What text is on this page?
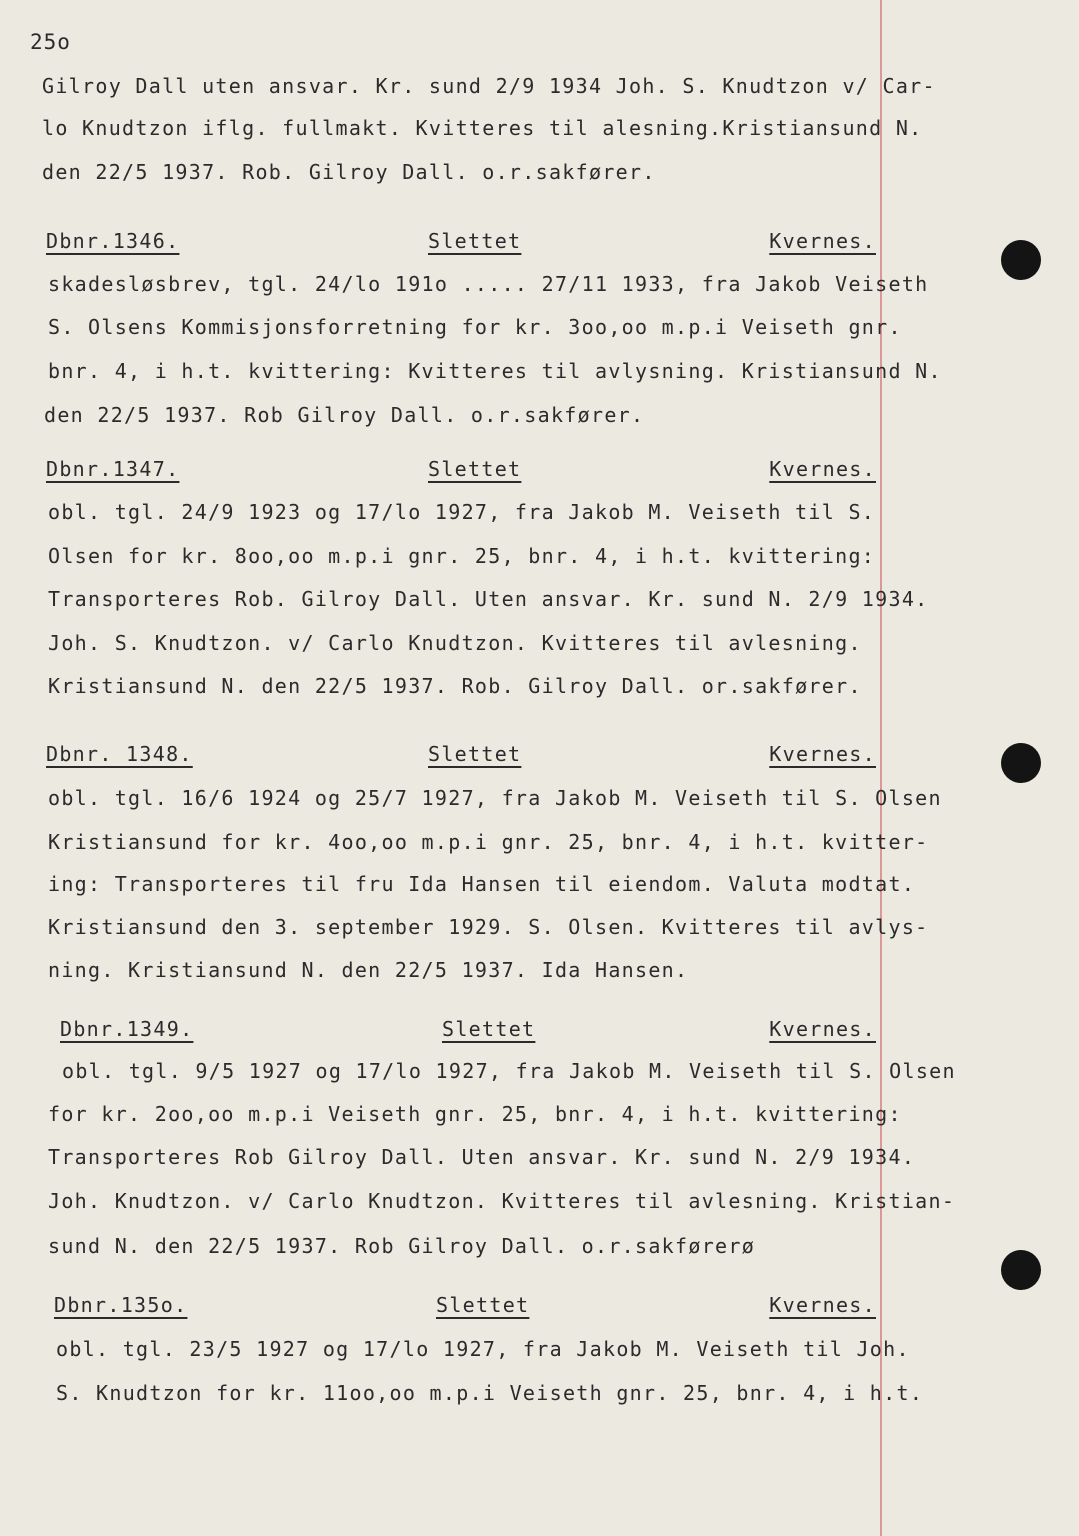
25o
Gilroy Dall uten ansvar. Kr. sund 2/9 1934 Joh. S. Knudtzon v/ Car-
lo Knudtzon iflg. fullmakt. Kvitteres til alesning.Kristiansund N.
den 22/5 1937. Rob. Gilroy Dall. o.r.sakfører.
Dbnr.1346.	Slettet	Kvernes.
skadesløsbrev, tgl. 24/lo 191o ..... 27/11 1933, fra Jakob Veiseth
S. Olsens Kommisjonsforretning for kr. 3oo,oo m.p.i Veiseth gnr.
bnr. 4, i h.t. kvittering: Kvitteres til avlysning. Kristiansund N.
den 22/5 1937. Rob Gilroy Dall. o.r.sakfører.
Dbnr.1347.	Slettet	Kvernes.
obl. tgl. 24/9 1923 og 17/lo 1927, fra Jakob M. Veiseth til S.
Olsen for kr. 8oo,oo m.p.i gnr. 25, bnr. 4, i h.t. kvittering:
Transporteres Rob. Gilroy Dall. Uten ansvar. Kr. sund N. 2/9 1934.
Joh. S. Knudtzon. v/ Carlo Knudtzon. Kvitteres til avlesning.
Kristiansund N. den 22/5 1937. Rob. Gilroy Dall. or.sakfører.
Dbnr. 1348.	Slettet	Kvernes.
obl. tgl. 16/6 1924 og 25/7 1927, fra Jakob M. Veiseth til S. Olsen
Kristiansund for kr. 4oo,oo m.p.i gnr. 25, bnr. 4, i h.t. kvitter-
ing: Transporteres til fru Ida Hansen til eiendom. Valuta modtat.
Kristiansund den 3. september 1929. S. Olsen. Kvitteres til avlys-
ning. Kristiansund N. den 22/5 1937. Ida Hansen.
Dbnr.1349.	Slettet	Kvernes.
obl. tgl. 9/5 1927 og 17/lo 1927, fra Jakob M. Veiseth til S. Olsen
for kr. 2oo,oo m.p.i Veiseth gnr. 25, bnr. 4, i h.t. kvittering:
Transporteres Rob Gilroy Dall. Uten ansvar. Kr. sund N. 2/9 1934.
Joh. Knudtzon. v/ Carlo Knudtzon. Kvitteres til avlesning. Kristian-
sund N. den 22/5 1937. Rob Gilroy Dall. o.r.sakførerø
Dbnr.135o.	Slettet	Kvernes.
obl. tgl. 23/5 1927 og 17/lo 1927, fra Jakob M. Veiseth til Joh.
S. Knudtzon for kr. 11oo,oo m.p.i Veiseth gnr. 25, bnr. 4, i h.t.
